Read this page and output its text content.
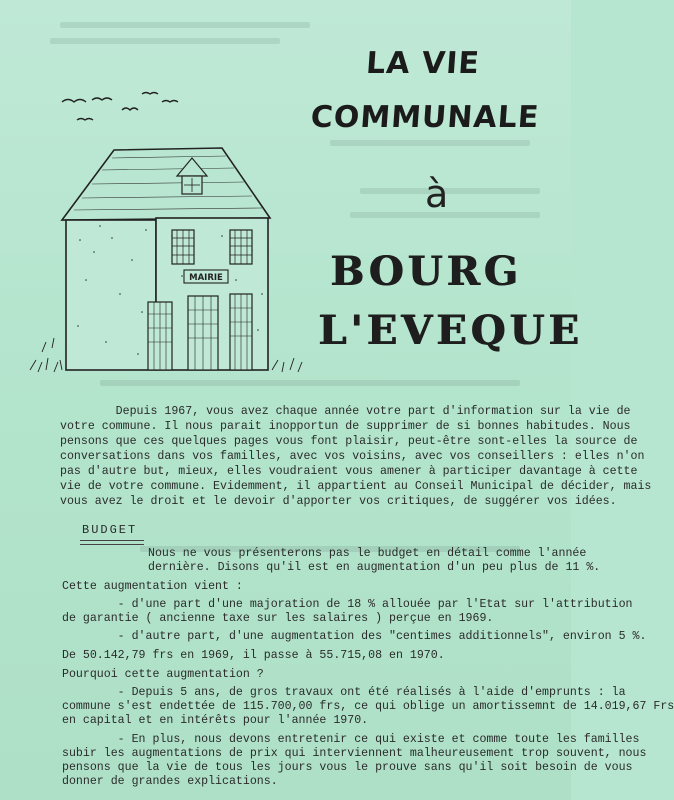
LA VIE
COMMUNALE
à
BOURG
L'EVEQUE
MAIRIE
Depuis 1967, vous avez chaque année votre part d'information sur la vie de
votre commune. Il nous parait inopportun de supprimer de si bonnes habitudes. Nous
pensons que ces quelques pages vous font plaisir, peut-être sont-elles la source de
conversations dans vos familles, avec vos voisins, avec vos conseillers : elles n'on
pas d'autre but, mieux, elles voudraient vous amener à participer davantage à cette
vie de votre commune. Evidemment, il appartient au Conseil Municipal de décider, mais
vous avez le droit et le devoir d'apporter vos critiques, de suggérer vos idées.
BUDGET
Nous ne vous présenterons pas le budget en détail comme l'année
dernière. Disons qu'il est en augmentation d'un peu plus de 11 %.
Cette augmentation vient :
- d'une part d'une majoration de 18 % allouée par l'Etat sur l'attribution
de garantie ( ancienne taxe sur les salaires ) perçue en 1969.
- d'autre part, d'une augmentation des "centimes additionnels", environ 5 %.
De 50.142,79 frs en 1969, il passe à 55.715,08 en 1970.
Pourquoi cette augmentation ?
- Depuis 5 ans, de gros travaux ont été réalisés à l'aide d'emprunts : la
commune s'est endettée de 115.700,00 frs, ce qui oblige un amortissemnt de 14.019,67 Frs
en capital et en intérêts pour l'année 1970.
- En plus, nous devons entretenir ce qui existe et comme toute les familles
subir les augmentations de prix qui interviennent malheureusement trop souvent, nous
pensons que la vie de tous les jours vous le prouve sans qu'il soit besoin de vous
donner de grandes explications.
